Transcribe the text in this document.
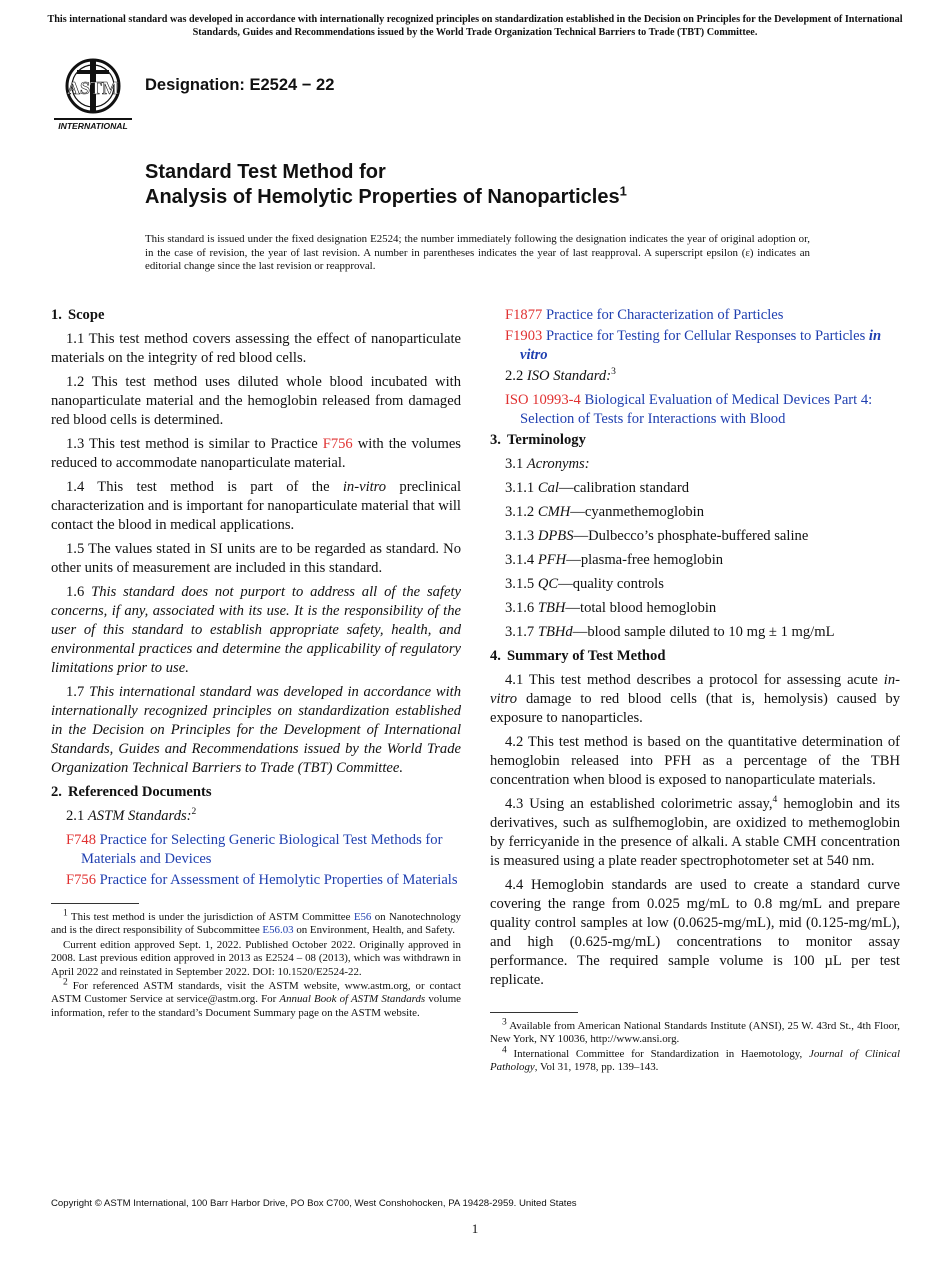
This international standard was developed in accordance with internationally recognized principles on standardization established in the Decision on Principles for the Development of International Standards, Guides and Recommendations issued by the World Trade Organization Technical Barriers to Trade (TBT) Committee.
ASTM
INTERNATIONAL
Designation: E2524 − 22
Standard Test Method for
Analysis of Hemolytic Properties of Nanoparticles$^1$
This standard is issued under the fixed designation E2524; the number immediately following the designation indicates the year of original adoption or, in the case of revision, the year of last revision. A number in parentheses indicates the year of last reapproval. A superscript epsilon (ε) indicates an editorial change since the last revision or reapproval.
1. Scope

1.1 This test method covers assessing the effect of nanoparticulate materials on the integrity of red blood cells.

1.2 This test method uses diluted whole blood incubated with nanoparticulate material and the hemoglobin released from damaged red blood cells is determined.

1.3 This test method is similar to Practice F756 with the volumes reduced to accommodate nanoparticulate material.

1.4 This test method is part of the in-vitro preclinical characterization and is important for nanoparticulate material that will contact the blood in medical applications.

1.5 The values stated in SI units are to be regarded as standard. No other units of measurement are included in this standard.

1.6 This standard does not purport to address all of the safety concerns, if any, associated with its use. It is the responsibility of the user of this standard to establish appropriate safety, health, and environmental practices and determine the applicability of regulatory limitations prior to use.

1.7 This international standard was developed in accordance with internationally recognized principles on standardization established in the Decision on Principles for the Development of International Standards, Guides and Recommendations issued by the World Trade Organization Technical Barriers to Trade (TBT) Committee.

2. Referenced Documents
2.1 ASTM Standards:$^2$
F748 Practice for Selecting Generic Biological Test Methods for Materials and Devices
F756 Practice for Assessment of Hemolytic Properties of Materials
$^1$ This test method is under the jurisdiction of ASTM Committee E56 on Nanotechnology and is the direct responsibility of Subcommittee E56.03 on Environment, Health, and Safety.
Current edition approved Sept. 1, 2022. Published October 2022. Originally approved in 2008. Last previous edition approved in 2013 as E2524 – 08 (2013), which was withdrawn in April 2022 and reinstated in September 2022. DOI: 10.1520/E2524-22.
$^2$ For referenced ASTM standards, visit the ASTM website, www.astm.org, or contact ASTM Customer Service at service@astm.org. For Annual Book of ASTM Standards volume information, refer to the standard’s Document Summary page on the ASTM website.
F1877 Practice for Characterization of Particles
F1903 Practice for Testing for Cellular Responses to Particles in vitro
2.2 ISO Standard:$^3$
ISO 10993-4 Biological Evaluation of Medical Devices Part 4: Selection of Tests for Interactions with Blood
3. Terminology
3.1 Acronyms:
3.1.1 Cal—calibration standard
3.1.2 CMH—cyanmethemoglobin
3.1.3 DPBS—Dulbecco’s phosphate-buffered saline
3.1.4 PFH—plasma-free hemoglobin
3.1.5 QC—quality controls
3.1.6 TBH—total blood hemoglobin
3.1.7 TBHd—blood sample diluted to 10 mg ± 1 mg/mL
4. Summary of Test Method

4.1 This test method describes a protocol for assessing acute in-vitro damage to red blood cells (that is, hemolysis) caused by exposure to nanoparticles.

4.2 This test method is based on the quantitative determination of hemoglobin released into PFH as a percentage of the TBH concentration when blood is exposed to nanoparticulate materials.

4.3 Using an established colorimetric assay,$^4$ hemoglobin and its derivatives, such as sulfhemoglobin, are oxidized to methemoglobin by ferricyanide in the presence of alkali. A stable CMH concentration is measured using a plate reader spectrophotometer set at 540 nm.

4.4 Hemoglobin standards are used to create a standard curve covering the range from 0.025 mg/mL to 0.8 mg/mL and prepare quality control samples at low (0.0625-mg/mL), mid (0.125-mg/mL), and high (0.625-mg/mL) concentrations to monitor assay performance. The required sample volume is 100 µL per test replicate.

$^3$ Available from American National Standards Institute (ANSI), 25 W. 43rd St., 4th Floor, New York, NY 10036, http://www.ansi.org.
$^4$ International Committee for Standardization in Haemotology, Journal of Clinical Pathology, Vol 31, 1978, pp. 139–143.
Copyright © ASTM International, 100 Barr Harbor Drive, PO Box C700, West Conshohocken, PA 19428-2959. United States
1
